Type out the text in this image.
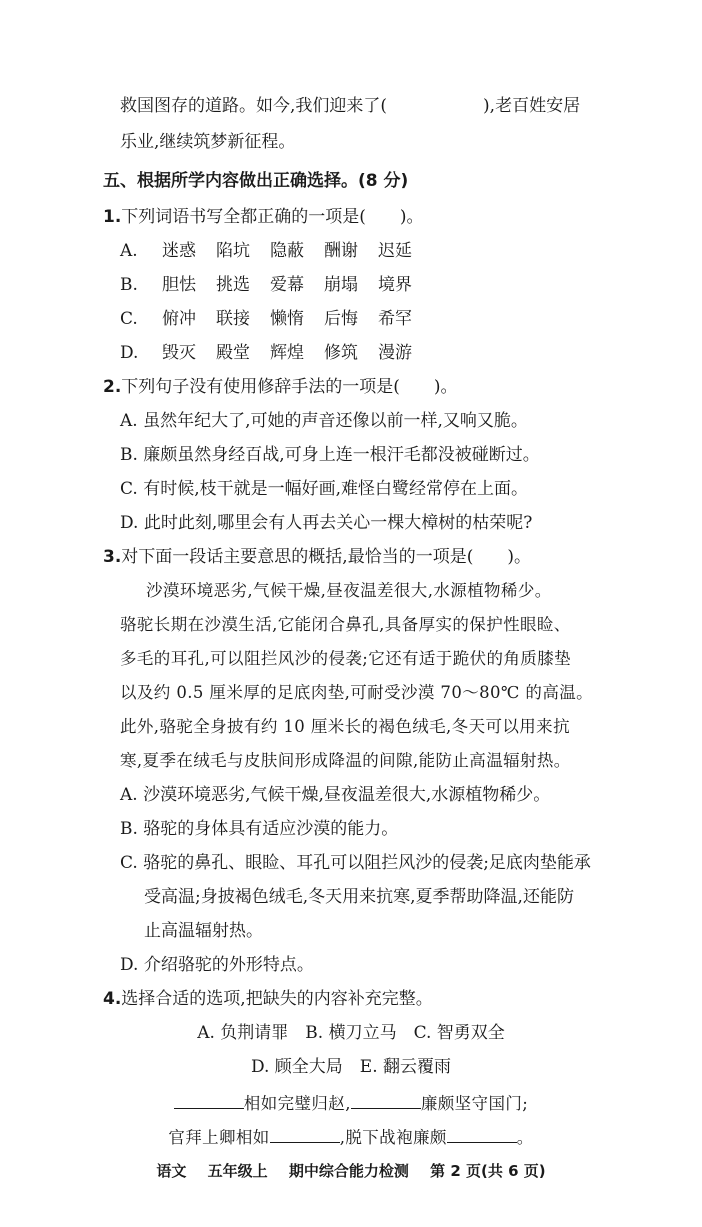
救国图存的道路。如今,我们迎来了(	),老百姓安居
乐业,继续筑梦新征程。
五、根据所学内容做出正确选择。(8 分)
1.下列词语书写全都正确的一项是(　　)。
A.	迷惑	陷坑	隐蔽	酬谢	迟延
B.	胆怯	挑选	爱幕	崩塌	境界
C.	俯冲	联接	懒惰	后悔	希罕
D.	毁灭	殿堂	辉煌	修筑	漫游
2.下列句子没有使用修辞手法的一项是(　　)。
A. 虽然年纪大了,可她的声音还像以前一样,又响又脆。
B. 廉颇虽然身经百战,可身上连一根汗毛都没被碰断过。
C. 有时候,枝干就是一幅好画,难怪白鹭经常停在上面。
D. 此时此刻,哪里会有人再去关心一棵大樟树的枯荣呢?
3.对下面一段话主要意思的概括,最恰当的一项是(　　)。
沙漠环境恶劣,气候干燥,昼夜温差很大,水源植物稀少。
骆驼长期在沙漠生活,它能闭合鼻孔,具备厚实的保护性眼睑、
多毛的耳孔,可以阻拦风沙的侵袭;它还有适于跪伏的角质膝垫
以及约 0.5 厘米厚的足底肉垫,可耐受沙漠 70～80℃ 的高温。
此外,骆驼全身披有约 10 厘米长的褐色绒毛,冬天可以用来抗
寒,夏季在绒毛与皮肤间形成降温的间隙,能防止高温辐射热。
A. 沙漠环境恶劣,气候干燥,昼夜温差很大,水源植物稀少。
B. 骆驼的身体具有适应沙漠的能力。
C. 骆驼的鼻孔、眼睑、耳孔可以阻拦风沙的侵袭;足底肉垫能承
受高温;身披褐色绒毛,冬天用来抗寒,夏季帮助降温,还能防
止高温辐射热。
D. 介绍骆驼的外形特点。
4.选择合适的选项,把缺失的内容补充完整。
A. 负荆请罪　B. 横刀立马　C. 智勇双全
D. 顾全大局　E. 翻云覆雨
相如完璧归赵,	廉颇坚守国门;
官拜上卿相如	,脱下战袍廉颇	。
语文 五年级上 期中综合能力检测 第 2 页(共 6 页)
